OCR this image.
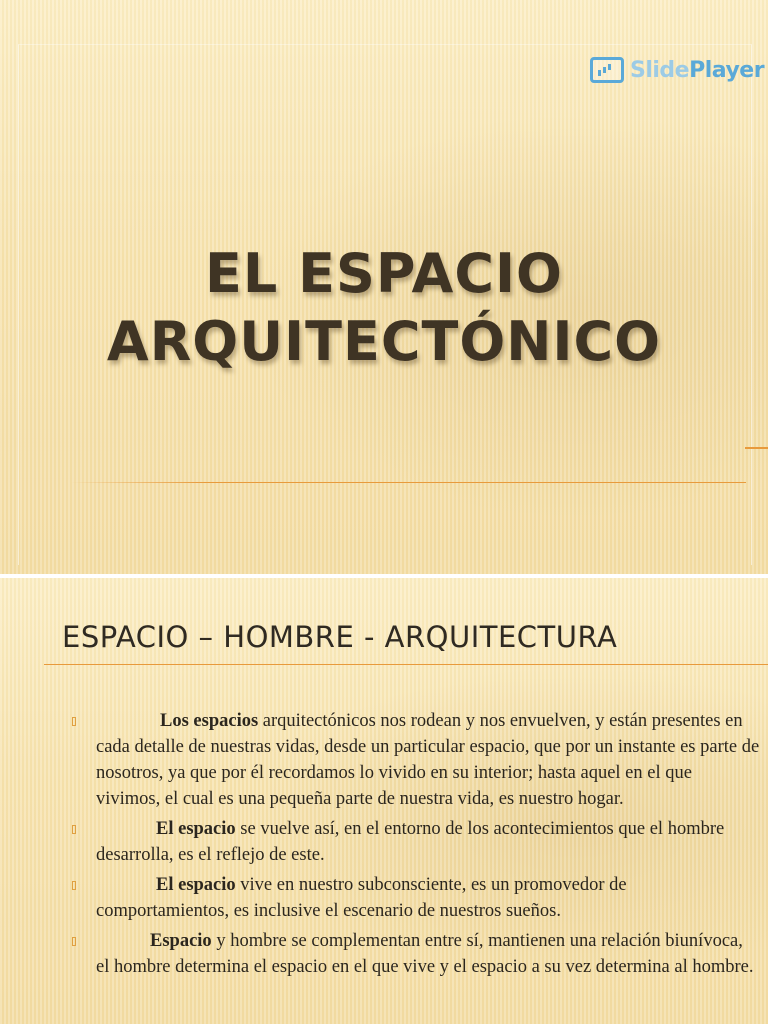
SlidePlayer
EL ESPACIO
ARQUITECTÓNICO
ESPACIO – HOMBRE - ARQUITECTURA
Los espacios arquitectónicos nos rodean y nos envuelven, y están presentes en cada detalle de nuestras vidas, desde un particular espacio, que por un instante es parte de nosotros, ya que por él recordamos lo vivido en su interior; hasta aquel en el que vivimos, el cual es una pequeña parte de nuestra vida, es nuestro hogar.
El espacio se vuelve así, en el entorno de los acontecimientos que el hombre desarrolla, es el reflejo de este.
El espacio vive en nuestro subconsciente, es un promovedor de comportamientos, es inclusive el escenario de nuestros sueños.
Espacio y hombre se complementan entre sí, mantienen una relación biunívoca, el hombre determina el espacio en el que vive y el espacio a su vez determina al hombre.
